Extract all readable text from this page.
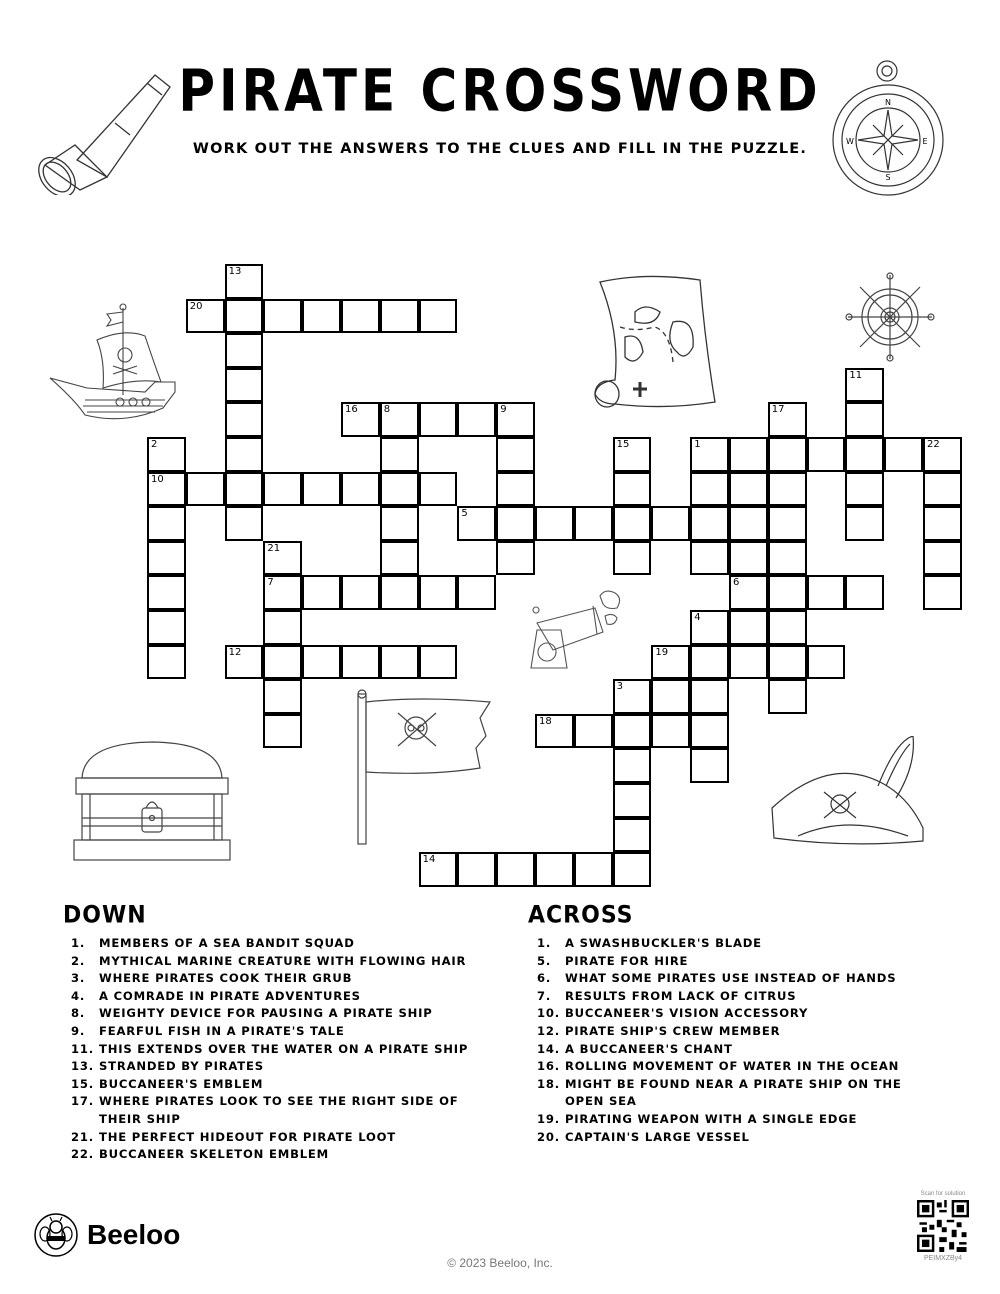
PIRATE CROSSWORD
WORK OUT THE ANSWERS TO THE CLUES AND FILL IN THE PUZZLE.
N
E
S
W
13
20
11
16	8	9	17
2	15	1	22
10
5
21
7	6
4
12	19
3
18
14
DOWN
1. MEMBERS OF A SEA BANDIT SQUAD
2. MYTHICAL MARINE CREATURE WITH FLOWING HAIR
3. WHERE PIRATES COOK THEIR GRUB
4. A COMRADE IN PIRATE ADVENTURES
8. WEIGHTY DEVICE FOR PAUSING A PIRATE SHIP
9. FEARFUL FISH IN A PIRATE'S TALE
11. THIS EXTENDS OVER THE WATER ON A PIRATE SHIP
13. STRANDED BY PIRATES
15. BUCCANEER'S EMBLEM
17. WHERE PIRATES LOOK TO SEE THE RIGHT SIDE OF THEIR SHIP
21. THE PERFECT HIDEOUT FOR PIRATE LOOT
22. BUCCANEER SKELETON EMBLEM
ACROSS
1. A SWASHBUCKLER'S BLADE
5. PIRATE FOR HIRE
6. WHAT SOME PIRATES USE INSTEAD OF HANDS
7. RESULTS FROM LACK OF CITRUS
10. BUCCANEER'S VISION ACCESSORY
12. PIRATE SHIP'S CREW MEMBER
14. A BUCCANEER'S CHANT
16. ROLLING MOVEMENT OF WATER IN THE OCEAN
18. MIGHT BE FOUND NEAR A PIRATE SHIP ON THE OPEN SEA
19. PIRATING WEAPON WITH A SINGLE EDGE
20. CAPTAIN'S LARGE VESSEL
Beeloo
© 2023 Beeloo, Inc.
Scan for solution
PEIMXZBy4
